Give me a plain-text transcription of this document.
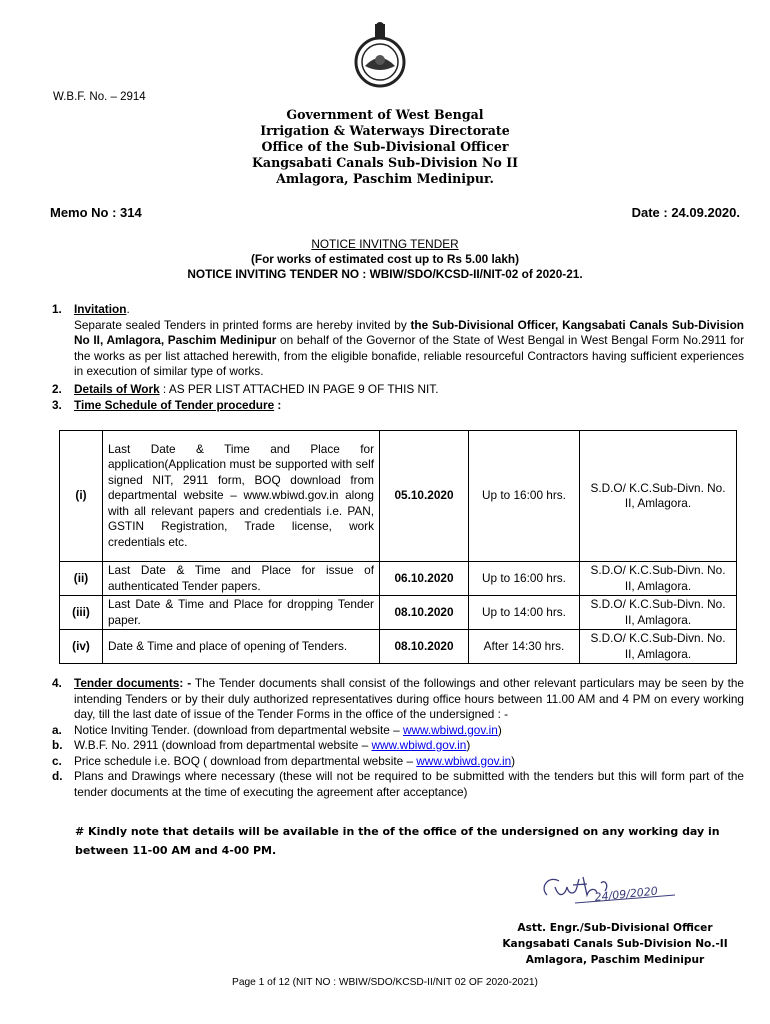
W.B.F. No. – 2914
Government of West Bengal
Irrigation & Waterways Directorate
Office of the Sub-Divisional Officer
Kangsabati Canals Sub-Division No II
Amlagora, Paschim Medinipur.
Memo No : 314	Date : 24.09.2020.
NOTICE INVITNG TENDER
(For works of estimated cost up to Rs 5.00 lakh)
NOTICE INVITING TENDER NO : WBIW/SDO/KCSD-II/NIT-02 of 2020-21.
1.	Invitation.
Separate sealed Tenders in printed forms are hereby invited by the Sub-Divisional Officer, Kangsabati Canals Sub-Division No II, Amlagora, Paschim Medinipur on behalf of the Governor of the State of West Bengal in West Bengal Form No.2911 for the works as per list attached herewith, from the eligible bonafide, reliable resourceful Contractors having sufficient experiences in execution of similar type of works.
2.	Details of Work : AS PER LIST ATTACHED IN PAGE 9 OF THIS NIT.
3.	Time Schedule of Tender procedure :
(i)	Last Date & Time and Place for application(Application must be supported with self signed NIT, 2911 form, BOQ download from departmental website – www.wbiwd.gov.in along with all relevant papers and credentials i.e. PAN, GSTIN Registration, Trade license, work credentials etc.	05.10.2020	Up to 16:00 hrs.	S.D.O/ K.C.Sub-Divn. No. II, Amlagora.
(ii)	Last Date & Time and Place for issue of authenticated Tender papers.	06.10.2020	Up to 16:00 hrs.	S.D.O/ K.C.Sub-Divn. No. II, Amlagora.
(iii)	Last Date & Time and Place for dropping Tender paper.	08.10.2020	Up to 14:00 hrs.	S.D.O/ K.C.Sub-Divn. No. II, Amlagora.
(iv)	Date & Time and place of opening of Tenders.	08.10.2020	After 14:30 hrs.	S.D.O/ K.C.Sub-Divn. No. II, Amlagora.
4. Tender documents: - The Tender documents shall consist of the followings and other relevant particulars may be seen by the intending Tenders or by their duly authorized representatives during office hours between 11.00 AM and 4 PM on every working day, till the last date of issue of the Tender Forms in the office of the undersigned : -
a. Notice Inviting Tender. (download from departmental website – www.wbiwd.gov.in)
b. W.B.F. No. 2911 (download from departmental website – www.wbiwd.gov.in)
c. Price schedule i.e. BOQ ( download from departmental website – www.wbiwd.gov.in)
d. Plans and Drawings where necessary (these will not be required to be submitted with the tenders but this will form part of the tender documents at the time of executing the agreement after acceptance)
# Kindly note that details will be available in the of the office of the undersigned on any working day in between 11-00 AM and 4-00 PM.
24/09/2020
Astt. Engr./Sub-Divisional Officer
Kangsabati Canals Sub-Division No.-II
Amlagora, Paschim Medinipur
Page 1 of 12 (NIT NO : WBIW/SDO/KCSD-II/NIT 02 OF 2020-2021)
